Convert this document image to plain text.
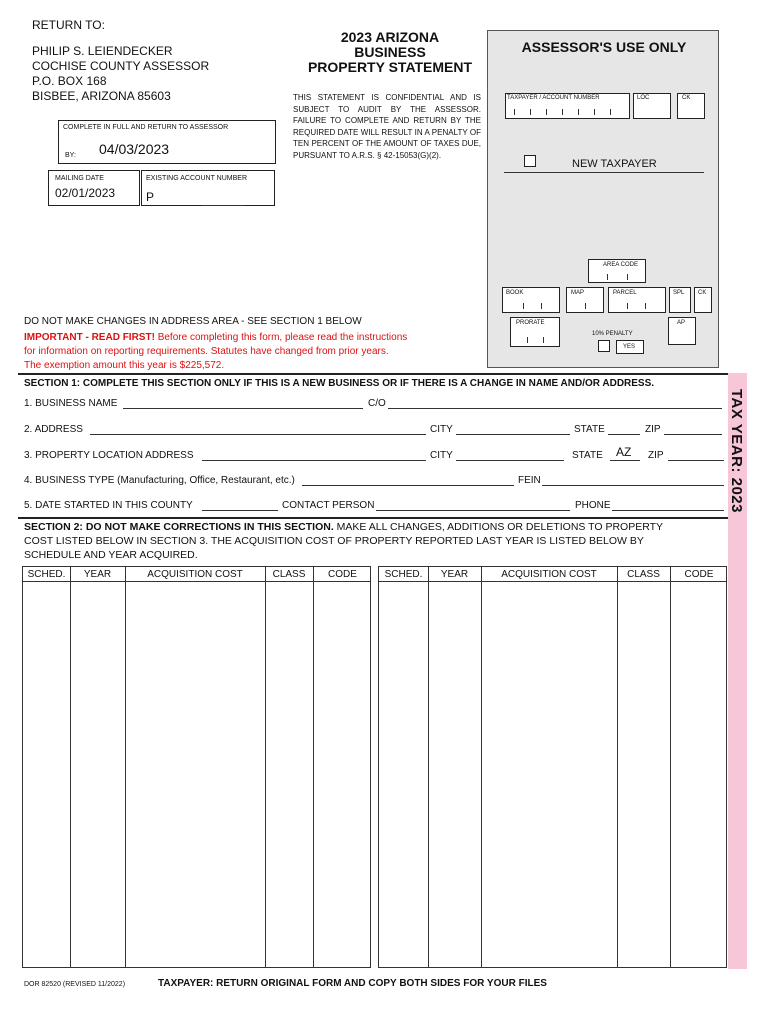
RETURN TO:
PHILIP S. LEIENDECKER
COCHISE COUNTY ASSESSOR
P.O. BOX 168
BISBEE, ARIZONA 85603
2023 ARIZONA
BUSINESS
PROPERTY STATEMENT
THIS STATEMENT IS CONFIDENTIAL AND IS SUBJECT TO AUDIT BY THE ASSESSOR. FAILURE TO COMPLETE AND RETURN BY THE REQUIRED DATE WILL RESULT IN A PENALTY OF TEN PERCENT OF THE AMOUNT OF TAXES DUE, PURSUANT TO A.R.S. § 42-15053(G)(2).
COMPLETE IN FULL AND RETURN TO ASSESSOR
BY: 04/03/2023
MAILING DATE
02/01/2023
EXISTING ACCOUNT NUMBER
P
ASSESSOR'S USE ONLY
TAXPAYER / ACCOUNT NUMBER	LOC	CK
NEW TAXPAYER
AREA CODE
BOOK	MAP	PARCEL	SPL CK
PRORATE
10% PENALTY
YES
AP
DO NOT MAKE CHANGES IN ADDRESS AREA - SEE SECTION 1 BELOW
IMPORTANT - READ FIRST! Before completing this form, please read the instructions
for information on reporting requirements. Statutes have changed from prior years.
The exemption amount this year is $225,572.
TAX YEAR: 2023
SECTION 1: COMPLETE THIS SECTION ONLY IF THIS IS A NEW BUSINESS OR IF THERE IS A CHANGE IN NAME AND/OR ADDRESS.
1. BUSINESS NAME	C/O
2. ADDRESS	CITY	STATE	ZIP
3. PROPERTY LOCATION ADDRESS	CITY	STATE AZ ZIP
4. BUSINESS TYPE (Manufacturing, Office, Restaurant, etc.)	FEIN
5. DATE STARTED IN THIS COUNTY	CONTACT PERSON	PHONE
SECTION 2: DO NOT MAKE CORRECTIONS IN THIS SECTION. MAKE ALL CHANGES, ADDITIONS OR DELETIONS TO PROPERTY
COST LISTED BELOW IN SECTION 3. THE ACQUISITION COST OF PROPERTY REPORTED LAST YEAR IS LISTED BELOW BY
SCHEDULE AND YEAR ACQUIRED.
SCHED.	YEAR	ACQUISITION COST	CLASS	CODE	SCHED.	YEAR	ACQUISITION COST	CLASS	CODE
DOR 82520 (REVISED 11/2022)	TAXPAYER: RETURN ORIGINAL FORM AND COPY BOTH SIDES FOR YOUR FILES
